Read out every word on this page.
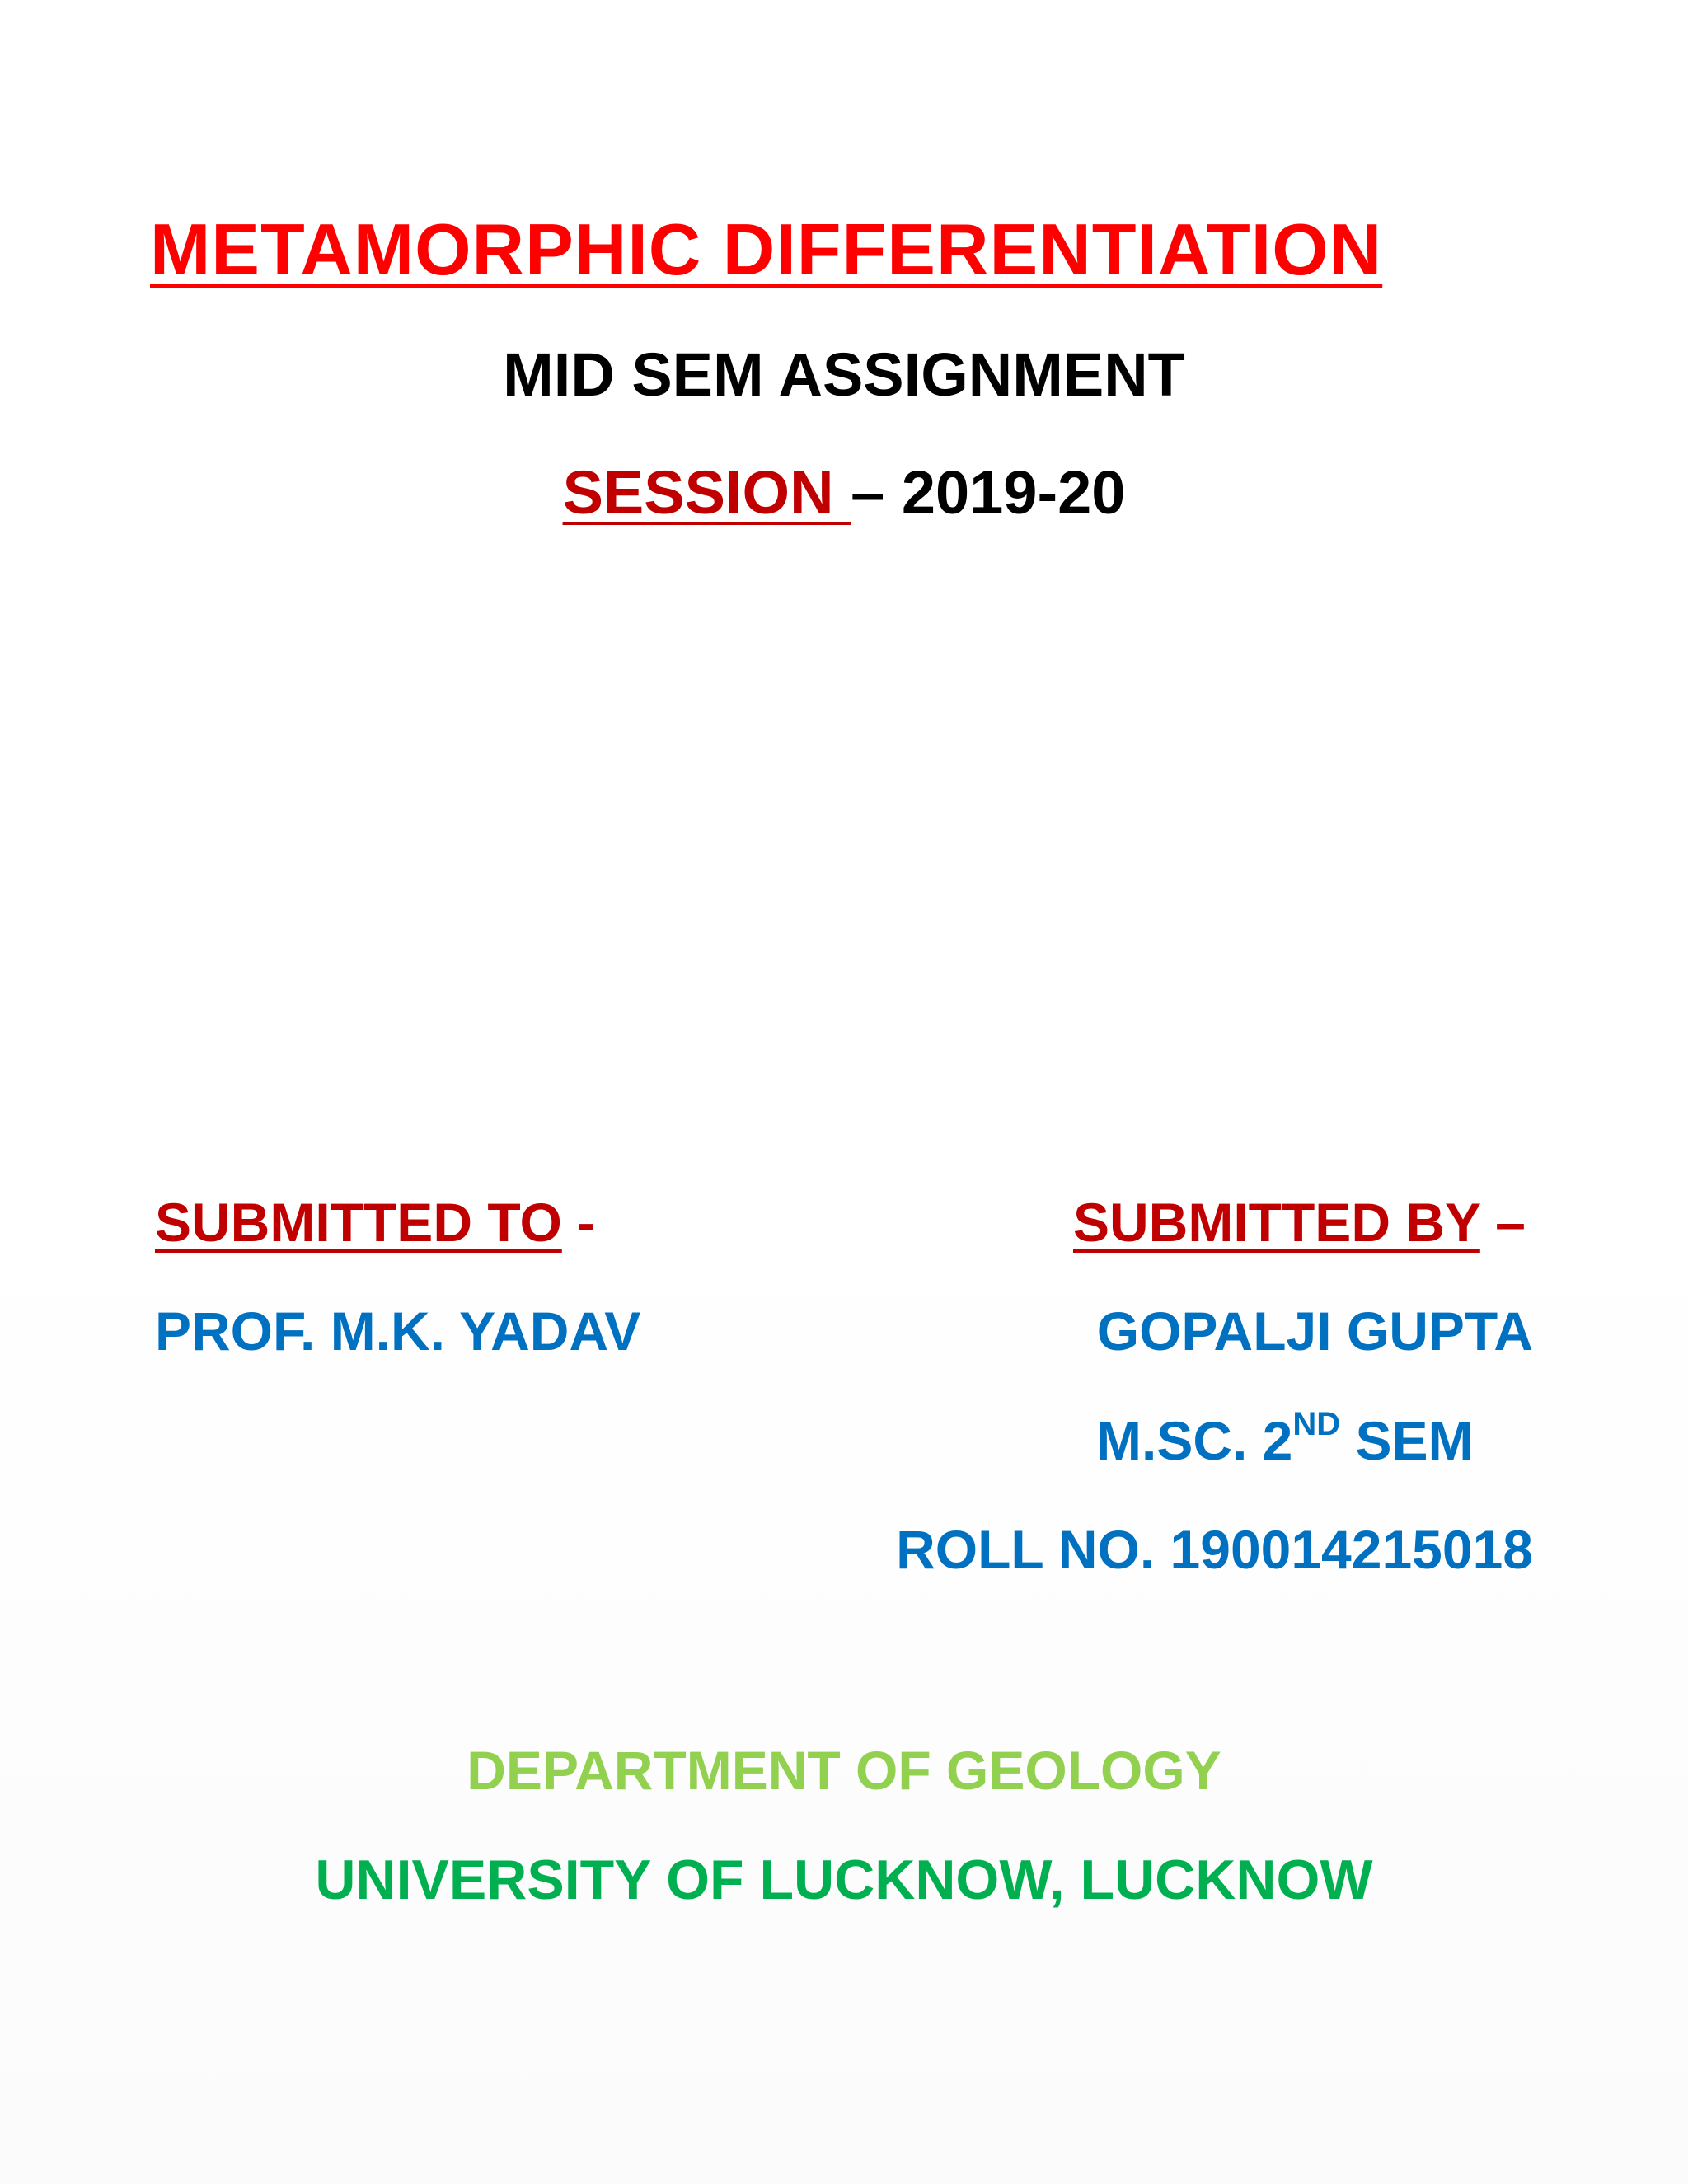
METAMORPHIC DIFFERENTIATION
MID SEM ASSIGNMENT
SESSION – 2019-20
SUBMITTED TO -	SUBMITTED BY –
PROF. M.K. YADAV	GOPALJI GUPTA
M.SC. 2ND SEM
ROLL NO. 190014215018
DEPARTMENT OF GEOLOGY
UNIVERSITY OF LUCKNOW, LUCKNOW
